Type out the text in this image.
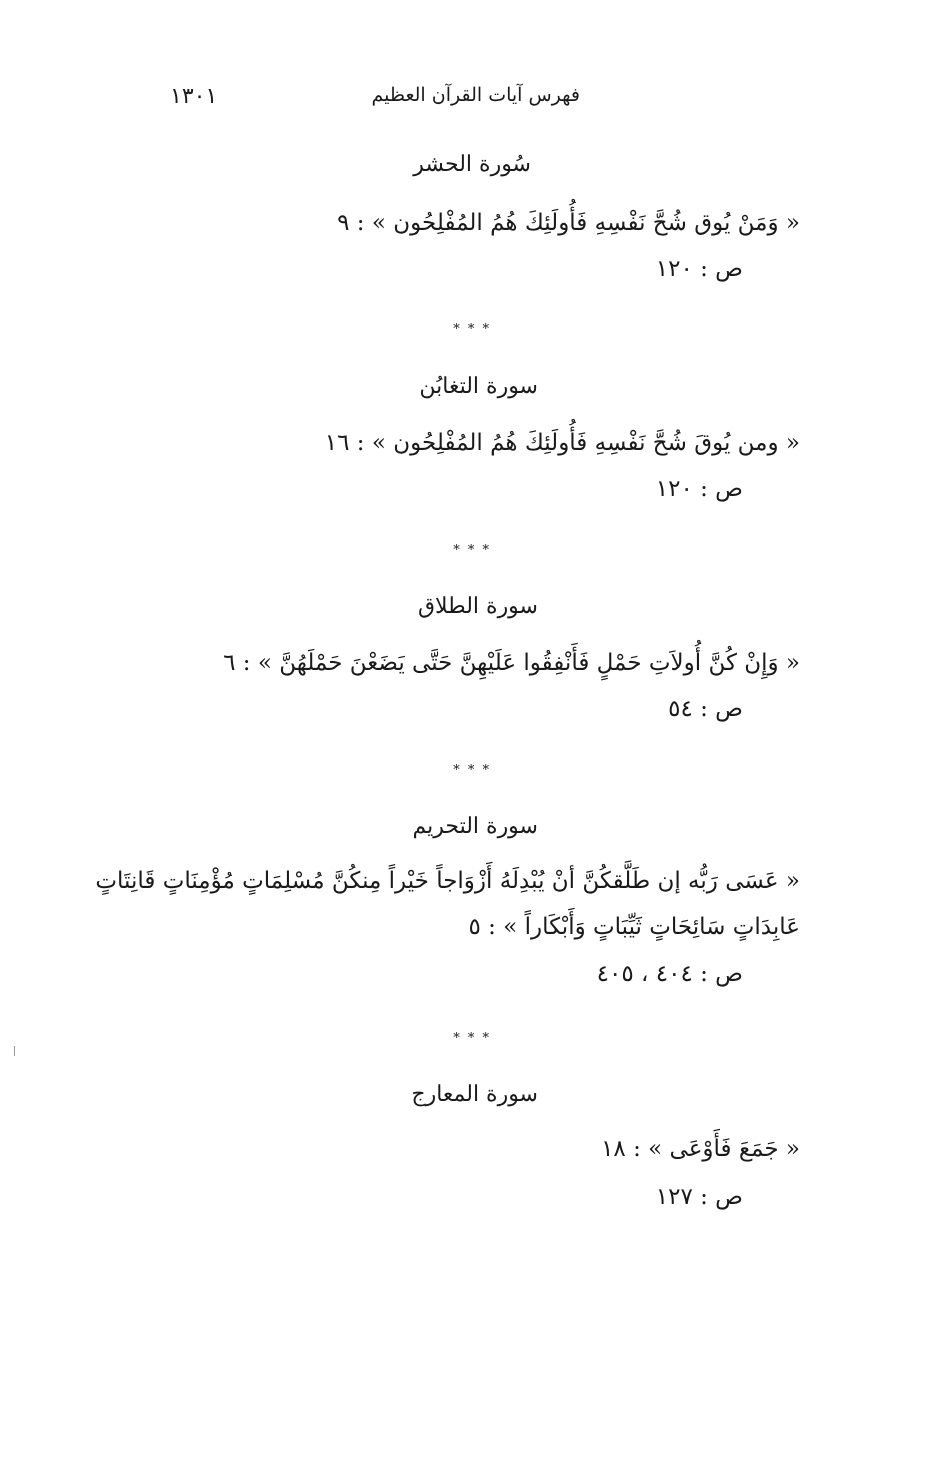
فهرس آيات القرآن العظيم
١٣٠١
سُورة الحشر
« وَمَنْ يُوق شُحَّ نَفْسِهِ فَأُولَئِكَ هُمُ المُفْلِحُون » : ٩
ص : ١٢٠
* * *
سورة التغابُن
« ومن يُوقَ شُحَّ نَفْسِهِ فَأُولَئِكَ هُمُ المُفْلِحُون » : ١٦
ص : ١٢٠
* * *
سورة الطلاق
« وَإِنْ كُنَّ أُولاَتِ حَمْلٍ فَأَنْفِقُوا عَلَيْهِنَّ حَتَّى يَضَعْنَ حَمْلَهُنَّ » : ٦
ص : ٥٤
* * *
سورة التحريم
« عَسَى رَبُّه إن طَلَّقكُنَّ أنْ يُبْدِلَهُ أَزْوَاجاً خَيْراً مِنكُنَّ مُسْلِمَاتٍ مُؤْمِنَاتٍ قَانِتَاتٍ
عَابِدَاتٍ سَائِحَاتٍ ثَيِّبَاتٍ وَأَبْكَاراً » : ٥
ص : ٤٠٤ ، ٤٠٥
* * *
سورة المعارج
« جَمَعَ فَأَوْعَى » : ١٨
ص : ١٢٧
